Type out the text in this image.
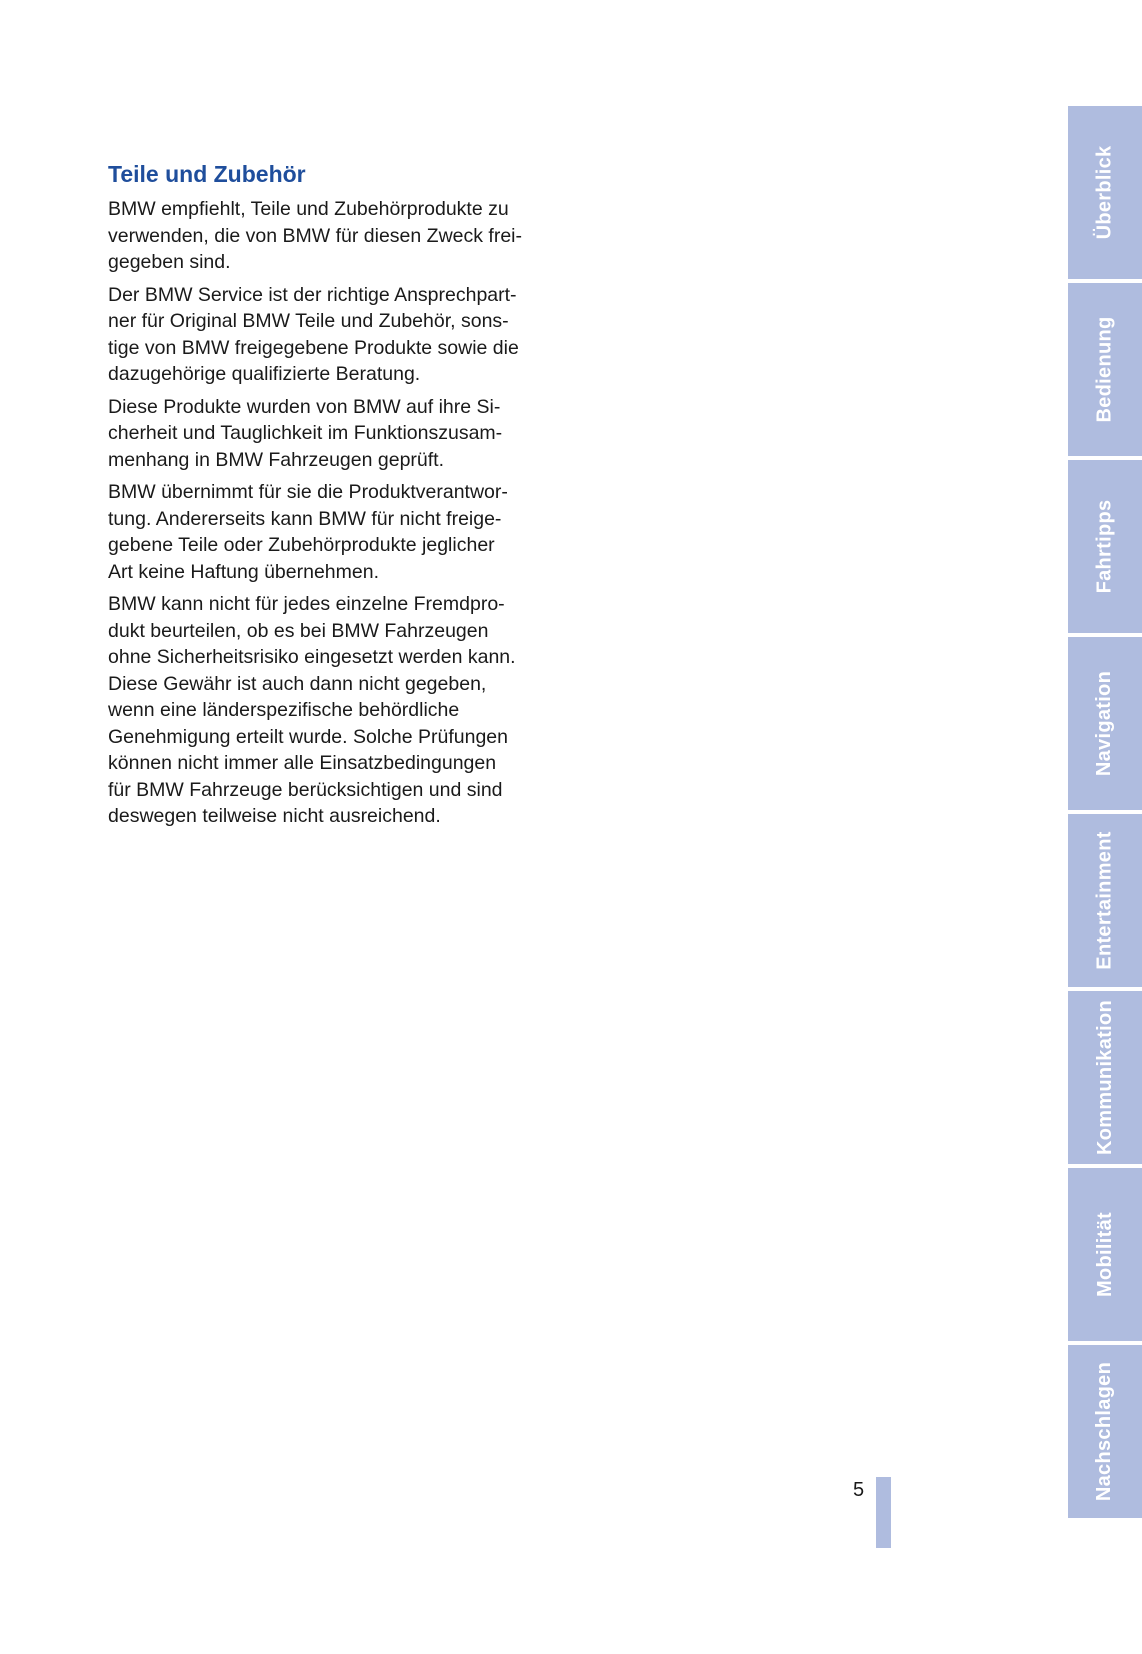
Teile und Zubehör

BMW empfiehlt, Teile und Zubehörprodukte zu
verwenden, die von BMW für diesen Zweck frei-
gegeben sind.

Der BMW Service ist der richtige Ansprechpart-
ner für Original BMW Teile und Zubehör, sons-
tige von BMW freigegebene Produkte sowie die
dazugehörige qualifizierte Beratung.

Diese Produkte wurden von BMW auf ihre Si-
cherheit und Tauglichkeit im Funktionszusam-
menhang in BMW Fahrzeugen geprüft.

BMW übernimmt für sie die Produktverantwor-
tung. Andererseits kann BMW für nicht freige-
gebene Teile oder Zubehörprodukte jeglicher
Art keine Haftung übernehmen.

BMW kann nicht für jedes einzelne Fremdpro-
dukt beurteilen, ob es bei BMW Fahrzeugen
ohne Sicherheitsrisiko eingesetzt werden kann.
Diese Gewähr ist auch dann nicht gegeben,
wenn eine länderspezifische behördliche
Genehmigung erteilt wurde. Solche Prüfungen
können nicht immer alle Einsatzbedingungen
für BMW Fahrzeuge berücksichtigen und sind
deswegen teilweise nicht ausreichend.

5
Überblick
Bedienung
Fahrtipps
Navigation
Entertainment
Kommunikation
Mobilität
Nachschlagen
